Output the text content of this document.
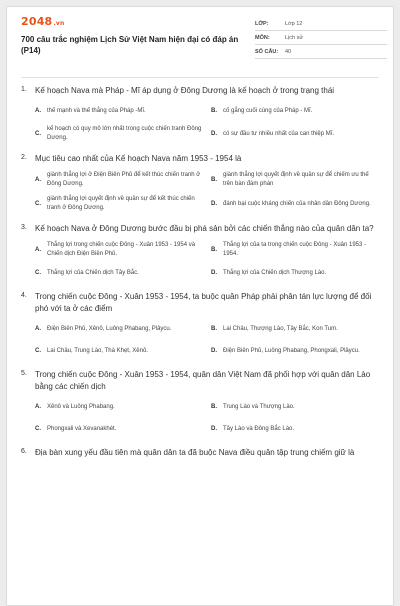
2048.vn
700 câu trắc nghiệm Lịch Sử Việt Nam hiện đại có đáp án (P14)
LỚP:	Lớp 12
MÔN:	Lịch sử
SỐ CÂU:	40
1.	Kế hoạch Nava mà Pháp - Mĩ áp dụng ở Đông Dương là kế hoạch ở trong trạng thái
A.	thế mạnh và thế thắng của Pháp -Mĩ.	B.	cố gắng cuối cùng của Pháp - Mĩ.
C.
kế hoạch có quy mô lớn nhất trong cuộc chiến tranh Đông Dương.
D.	có sự đầu tư nhiều nhất của can thiệp Mĩ.
2.	Mục tiêu cao nhất của Kế hoạch Nava năm 1953 - 1954 là
A.
giành thắng lợi ở Điện Biên Phủ để kết thúc chiến tranh ở Đông Dương.
B.
giành thắng lợi quyết định về quân sự để chiếm ưu thế trên bàn đàm phán
C.
giành thắng lợi quyết định về quân sự để kết thúc chiến tranh ở Đông Dương.
D.	đánh bại cuộc kháng chiến của nhân dân Đông Dương.
3.	Kế hoạch Nava ở Đông Dương bước đầu bị phá sản bởi các chiến thắng nào của quân dân ta?
A.
Thắng lợi trong chiến cuộc Đông - Xuân 1953 - 1954 và Chiến dịch Điện Biên Phủ.
B.
Thắng lợi của ta trong chiến cuộc Đông - Xuân 1953 - 1954.
C.	Thắng lợi của Chiến dịch Tây Bắc.	D.	Thắng lợi của Chiến dịch Thượng Lào.
4.	Trong chiến cuộc Đông - Xuân 1953 - 1954, ta buộc quân Pháp phải phân tán lực lượng để đối phó với ta ở các điểm
A.	Điện Biên Phủ, Xênô, Luông Phabang, Plâycu.	B.	Lai Châu, Thượng Lào, Tây Bắc, Kon Tum.
C.	Lai Châu, Trung Lào, Thà Khẹt, Xênô.	D.	Điện Biên Phủ, Luông Phabang, Phongxali, Plâycu.
5.	Trong chiến cuộc Đông - Xuân 1953 - 1954, quân dân Việt Nam đã phối hợp với quân dân Lào bằng các chiến dịch
A.	Xênô và Luông Phabang.	B.	Trung Lào và Thượng Lào.
C.	Phongxali và Xevanakhét.	D.	Tây Lào và Đông Bắc Lào.
6.	Địa bàn xung yếu đầu tiên mà quân dân ta đã buộc Nava điều quân tập trung chiếm giữ là
